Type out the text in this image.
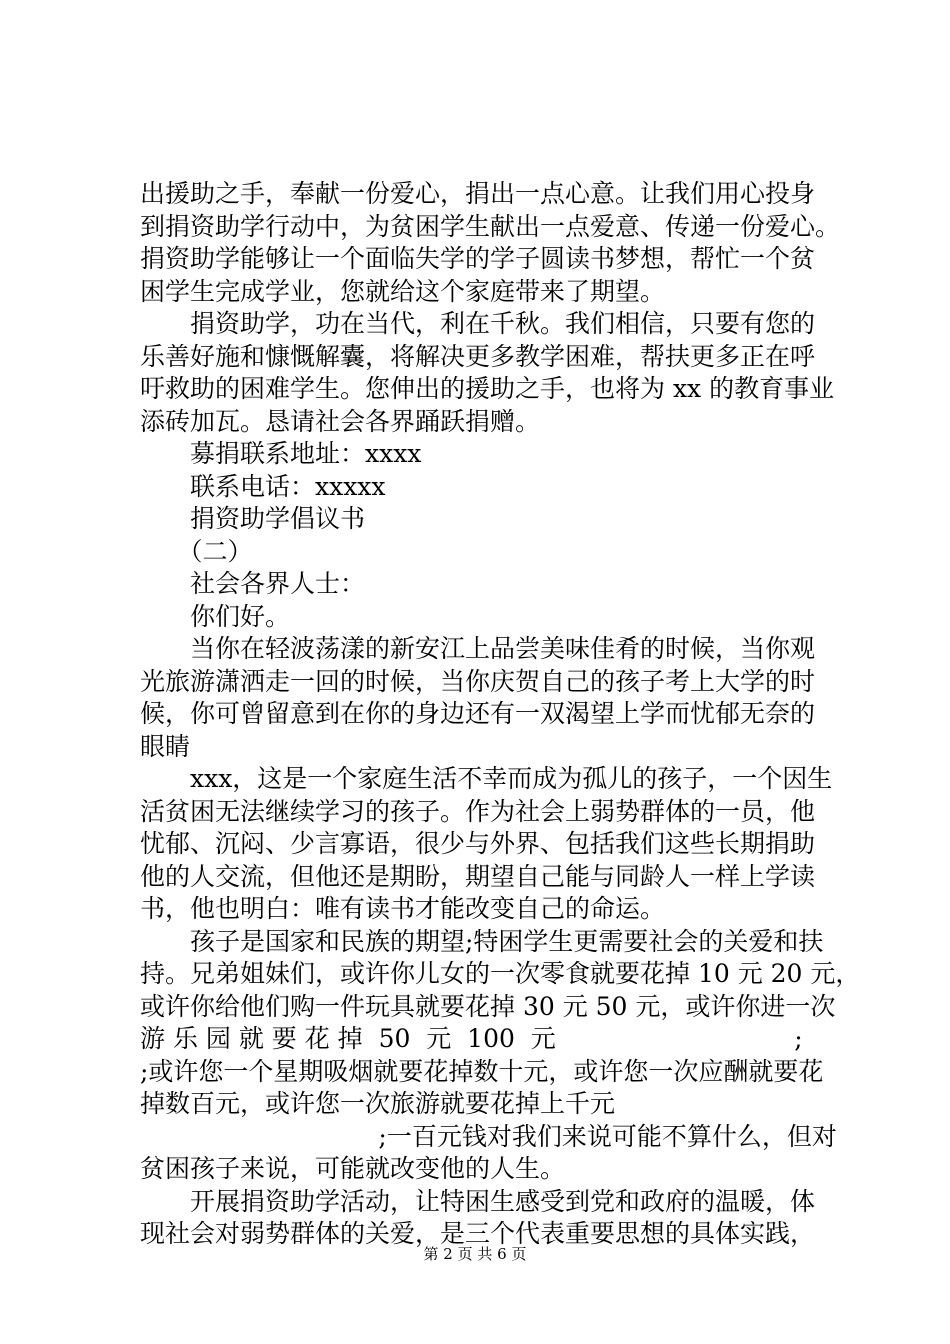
出援助之手，奉献一份爱心，捐出一点心意。让我们用心投身
到捐资助学行动中，为贫困学生献出一点爱意、传递一份爱心。
捐资助学能够让一个面临失学的学子圆读书梦想，帮忙一个贫
困学生完成学业，您就给这个家庭带来了期望。
　　捐资助学，功在当代，利在千秋。我们相信，只要有您的
乐善好施和慷慨解囊，将解决更多教学困难，帮扶更多正在呼
吁救助的困难学生。您伸出的援助之手，也将为 xx 的教育事业
添砖加瓦。恳请社会各界踊跃捐赠。
　　募捐联系地址：xxxx
　　联系电话：xxxxx
　　捐资助学倡议书
　　（二）
　　社会各界人士：
　　你们好。
　　当你在轻波荡漾的新安江上品尝美味佳肴的时候，当你观
光旅游潇洒走一回的时候，当你庆贺自己的孩子考上大学的时
候，你可曾留意到在你的身边还有一双渴望上学而忧郁无奈的
眼睛
　　xxx，这是一个家庭生活不幸而成为孤儿的孩子，一个因生
活贫困无法继续学习的孩子。作为社会上弱势群体的一员，他
忧郁、沉闷、少言寡语，很少与外界、包括我们这些长期捐助
他的人交流，但他还是期盼，期望自己能与同龄人一样上学读
书，他也明白：唯有读书才能改变自己的命运。
　　孩子是国家和民族的期望;特困学生更需要社会的关爱和扶
持。兄弟姐妹们，或许你儿女的一次零食就要花掉 10 元 20 元，
或许你给他们购一件玩具就要花掉 30 元 50 元，或许你进一次
游 乐 园 就 要 花 掉  50  元  100  元                              ;
;或许您一个星期吸烟就要花掉数十元，或许您一次应酬就要花
掉数百元，或许您一次旅游就要花掉上千元
;一百元钱对我们来说可能不算什么，但对
贫困孩子来说，可能就改变他的人生。
　　开展捐资助学活动，让特困生感受到党和政府的温暖，体
现社会对弱势群体的关爱，是三个代表重要思想的具体实践，
第 2 页 共 6 页
